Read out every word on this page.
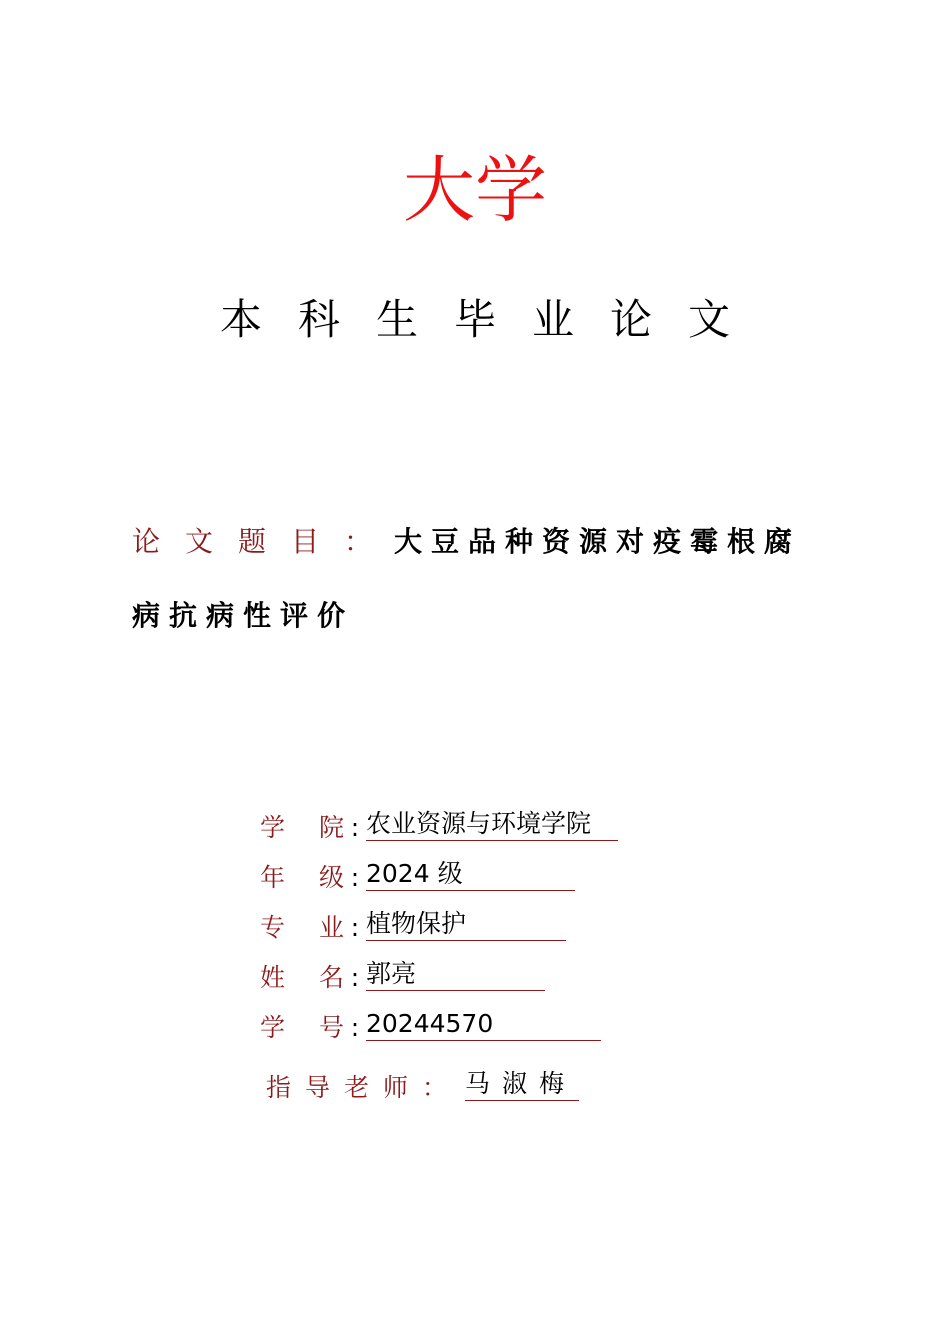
大学
本科生毕业论文
论文题目： 大豆品种资源对疫霉根腐
病抗病性评价
学院 : 农业资源与环境学院
年级 : 2024 级
专业 : 植物保护
姓名 : 郭亮
学号 : 20244570
指导老师： 马淑梅
